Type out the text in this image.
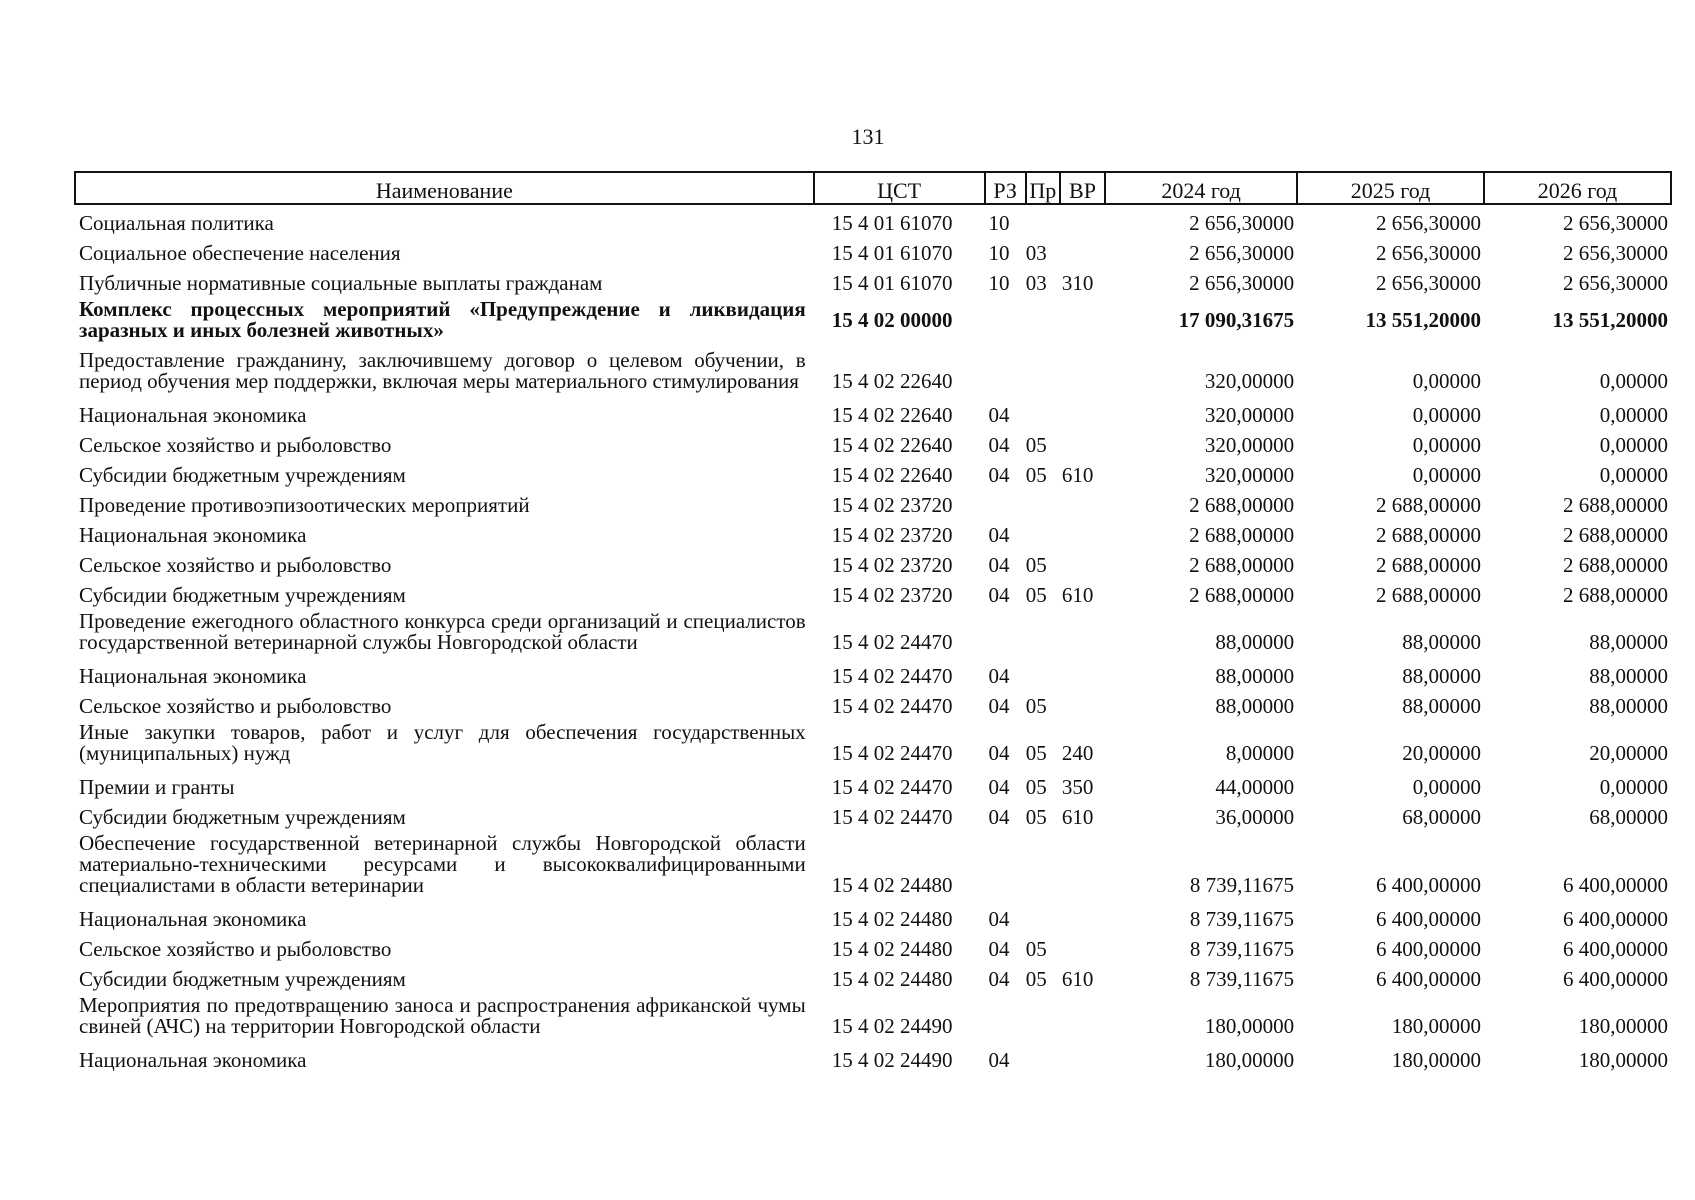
131
Наименование	ЦСТ	РЗ	Пр	ВР	2024 год	2025 год	2026 год
Социальная политика	15 4 01 61070	10			2 656,30000	2 656,30000	2 656,30000
Социальное обеспечение населения	15 4 01 61070	10	03		2 656,30000	2 656,30000	2 656,30000
Публичные нормативные социальные выплаты гражданам	15 4 01 61070	10	03	310	2 656,30000	2 656,30000	2 656,30000
Комплекс процессных мероприятий «Предупреждение и ликвидация заразных и иных болезней животных»	15 4 02 00000				17 090,31675	13 551,20000	13 551,20000
Предоставление гражданину, заключившему договор о целевом обучении, в период обучения мер поддержки, включая меры материального стимулирования	15 4 02 22640				320,00000	0,00000	0,00000
Национальная экономика	15 4 02 22640	04			320,00000	0,00000	0,00000
Сельское хозяйство и рыболовство	15 4 02 22640	04	05		320,00000	0,00000	0,00000
Субсидии бюджетным учреждениям	15 4 02 22640	04	05	610	320,00000	0,00000	0,00000
Проведение противоэпизоотических мероприятий	15 4 02 23720				2 688,00000	2 688,00000	2 688,00000
Национальная экономика	15 4 02 23720	04			2 688,00000	2 688,00000	2 688,00000
Сельское хозяйство и рыболовство	15 4 02 23720	04	05		2 688,00000	2 688,00000	2 688,00000
Субсидии бюджетным учреждениям	15 4 02 23720	04	05	610	2 688,00000	2 688,00000	2 688,00000
Проведение ежегодного областного конкурса среди организаций и специалистов государственной ветеринарной службы Новгородской области	15 4 02 24470				88,00000	88,00000	88,00000
Национальная экономика	15 4 02 24470	04			88,00000	88,00000	88,00000
Сельское хозяйство и рыболовство	15 4 02 24470	04	05		88,00000	88,00000	88,00000
Иные закупки товаров, работ и услуг для обеспечения государственных (муниципальных) нужд	15 4 02 24470	04	05	240	8,00000	20,00000	20,00000
Премии и гранты	15 4 02 24470	04	05	350	44,00000	0,00000	0,00000
Субсидии бюджетным учреждениям	15 4 02 24470	04	05	610	36,00000	68,00000	68,00000
Обеспечение государственной ветеринарной службы Новгородской области материально-техническими ресурсами и высококвалифицированными специалистами в области ветеринарии	15 4 02 24480				8 739,11675	6 400,00000	6 400,00000
Национальная экономика	15 4 02 24480	04			8 739,11675	6 400,00000	6 400,00000
Сельское хозяйство и рыболовство	15 4 02 24480	04	05		8 739,11675	6 400,00000	6 400,00000
Субсидии бюджетным учреждениям	15 4 02 24480	04	05	610	8 739,11675	6 400,00000	6 400,00000
Мероприятия по предотвращению заноса и распространения африканской чумы свиней (АЧС) на территории Новгородской области	15 4 02 24490				180,00000	180,00000	180,00000
Национальная экономика	15 4 02 24490	04			180,00000	180,00000	180,00000
